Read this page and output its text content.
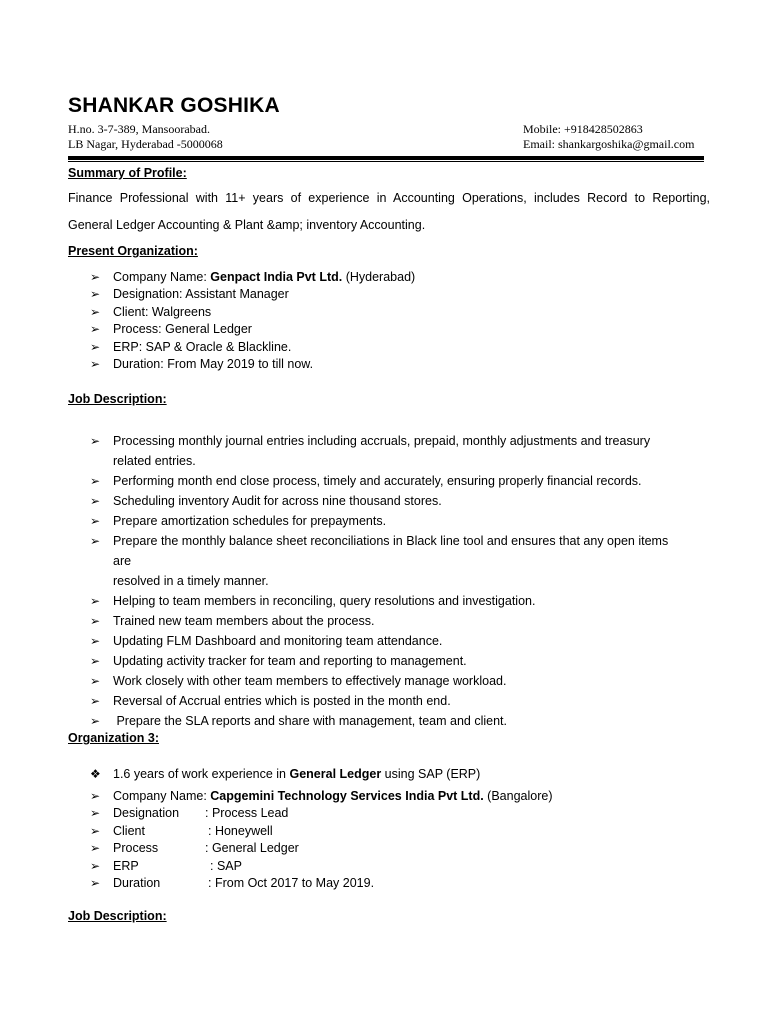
SHANKAR GOSHIKA
H.no. 3-7-389, Mansoorabad.
LB Nagar, Hyderabad -5000068
Mobile: +918428502863
Email: shankargoshika@gmail.com
Summary of Profile:
Finance Professional with 11+ years of experience in Accounting Operations, includes Record to Reporting,
General Ledger Accounting & Plant &amp; inventory Accounting.
Present Organization:
➢ Company Name: Genpact India Pvt Ltd. (Hyderabad)
➢ Designation: Assistant Manager
➢ Client: Walgreens
➢ Process: General Ledger
➢ ERP: SAP & Oracle & Blackline.
➢ Duration: From May 2019 to till now.
Job Description:
➢ Processing monthly journal entries including accruals, prepaid, monthly adjustments and treasury
related entries.
➢ Performing month end close process, timely and accurately, ensuring properly financial records.
➢ Scheduling inventory Audit for across nine thousand stores.
➢ Prepare amortization schedules for prepayments.
➢ Prepare the monthly balance sheet reconciliations in Black line tool and ensures that any open items are
resolved in a timely manner.
➢ Helping to team members in reconciling, query resolutions and investigation.
➢ Trained new team members about the process.
➢ Updating FLM Dashboard and monitoring team attendance.
➢ Updating activity tracker for team and reporting to management.
➢ Work closely with other team members to effectively manage workload.
➢ Reversal of Accrual entries which is posted in the month end.
➢ Prepare the SLA reports and share with management, team and client.
Organization 3:
❖ 1.6 years of work experience in General Ledger using SAP (ERP)
➢ Company Name: Capgemini Technology Services India Pvt Ltd. (Bangalore)
➢ Designation : Process Lead
➢ Client	: Honeywell
➢ Process	: General Ledger
➢ ERP	: SAP
➢ Duration	: From Oct 2017 to May 2019.
Job Description:
